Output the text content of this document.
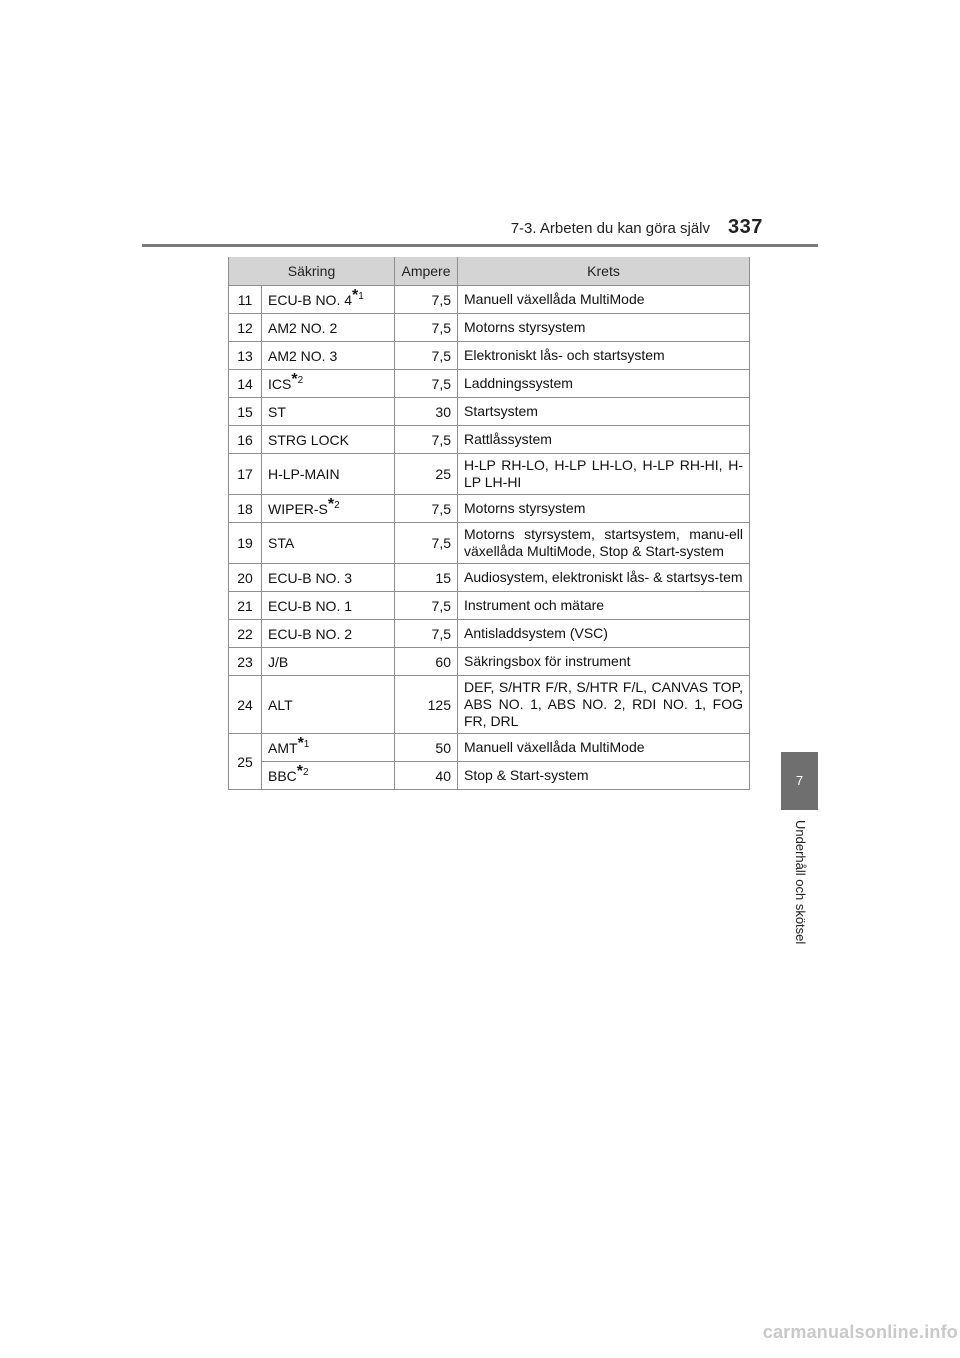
7-3. Arbeten du kan göra själv 337
7
Underhåll och skötsel
Säkring		Ampere	Krets
11	ECU-B NO. 4$^{*1}$	7,5	Manuell växellåda MultiMode
12	AM2 NO. 2	7,5	Motorns styrsystem
13	AM2 NO. 3	7,5	Elektroniskt lås- och startsystem
14	ICS$^{*2}$	7,5	Laddningssystem
15	ST	30	Startsystem
16	STRG LOCK	7,5	Rattlåssystem
17	H-LP-MAIN	25	H-LP RH-LO, H-LP LH-LO, H-LP RH-HI, H-LP LH-HI
18	WIPER-$S^{*2}$	7,5	Motorns styrsystem
19	STA	7,5	Motorns styrsystem, startsystem, manu-ell växellåda MultiMode, Stop & Start-system
20	ECU-B NO. 3	15	Audiosystem, elektroniskt lås- & startsys-tem
21	ECU-B NO. 1	7,5	Instrument och mätare
22	ECU-B NO. 2	7,5	Antisladdsystem (VSC)
23	J/B	60	Säkringsbox för instrument
24	ALT	125	DEF, S/HTR F/R, S/HTR F/L, CANVAS TOP, ABS NO. 1, ABS NO. 2, RDI NO. 1, FOG FR, DRL
25	AMT$^{*1}$	50	Manuell växellåda MultiMode
	BBC$^{*2}$	40	Stop & Start-system
carmanualsonline.info
